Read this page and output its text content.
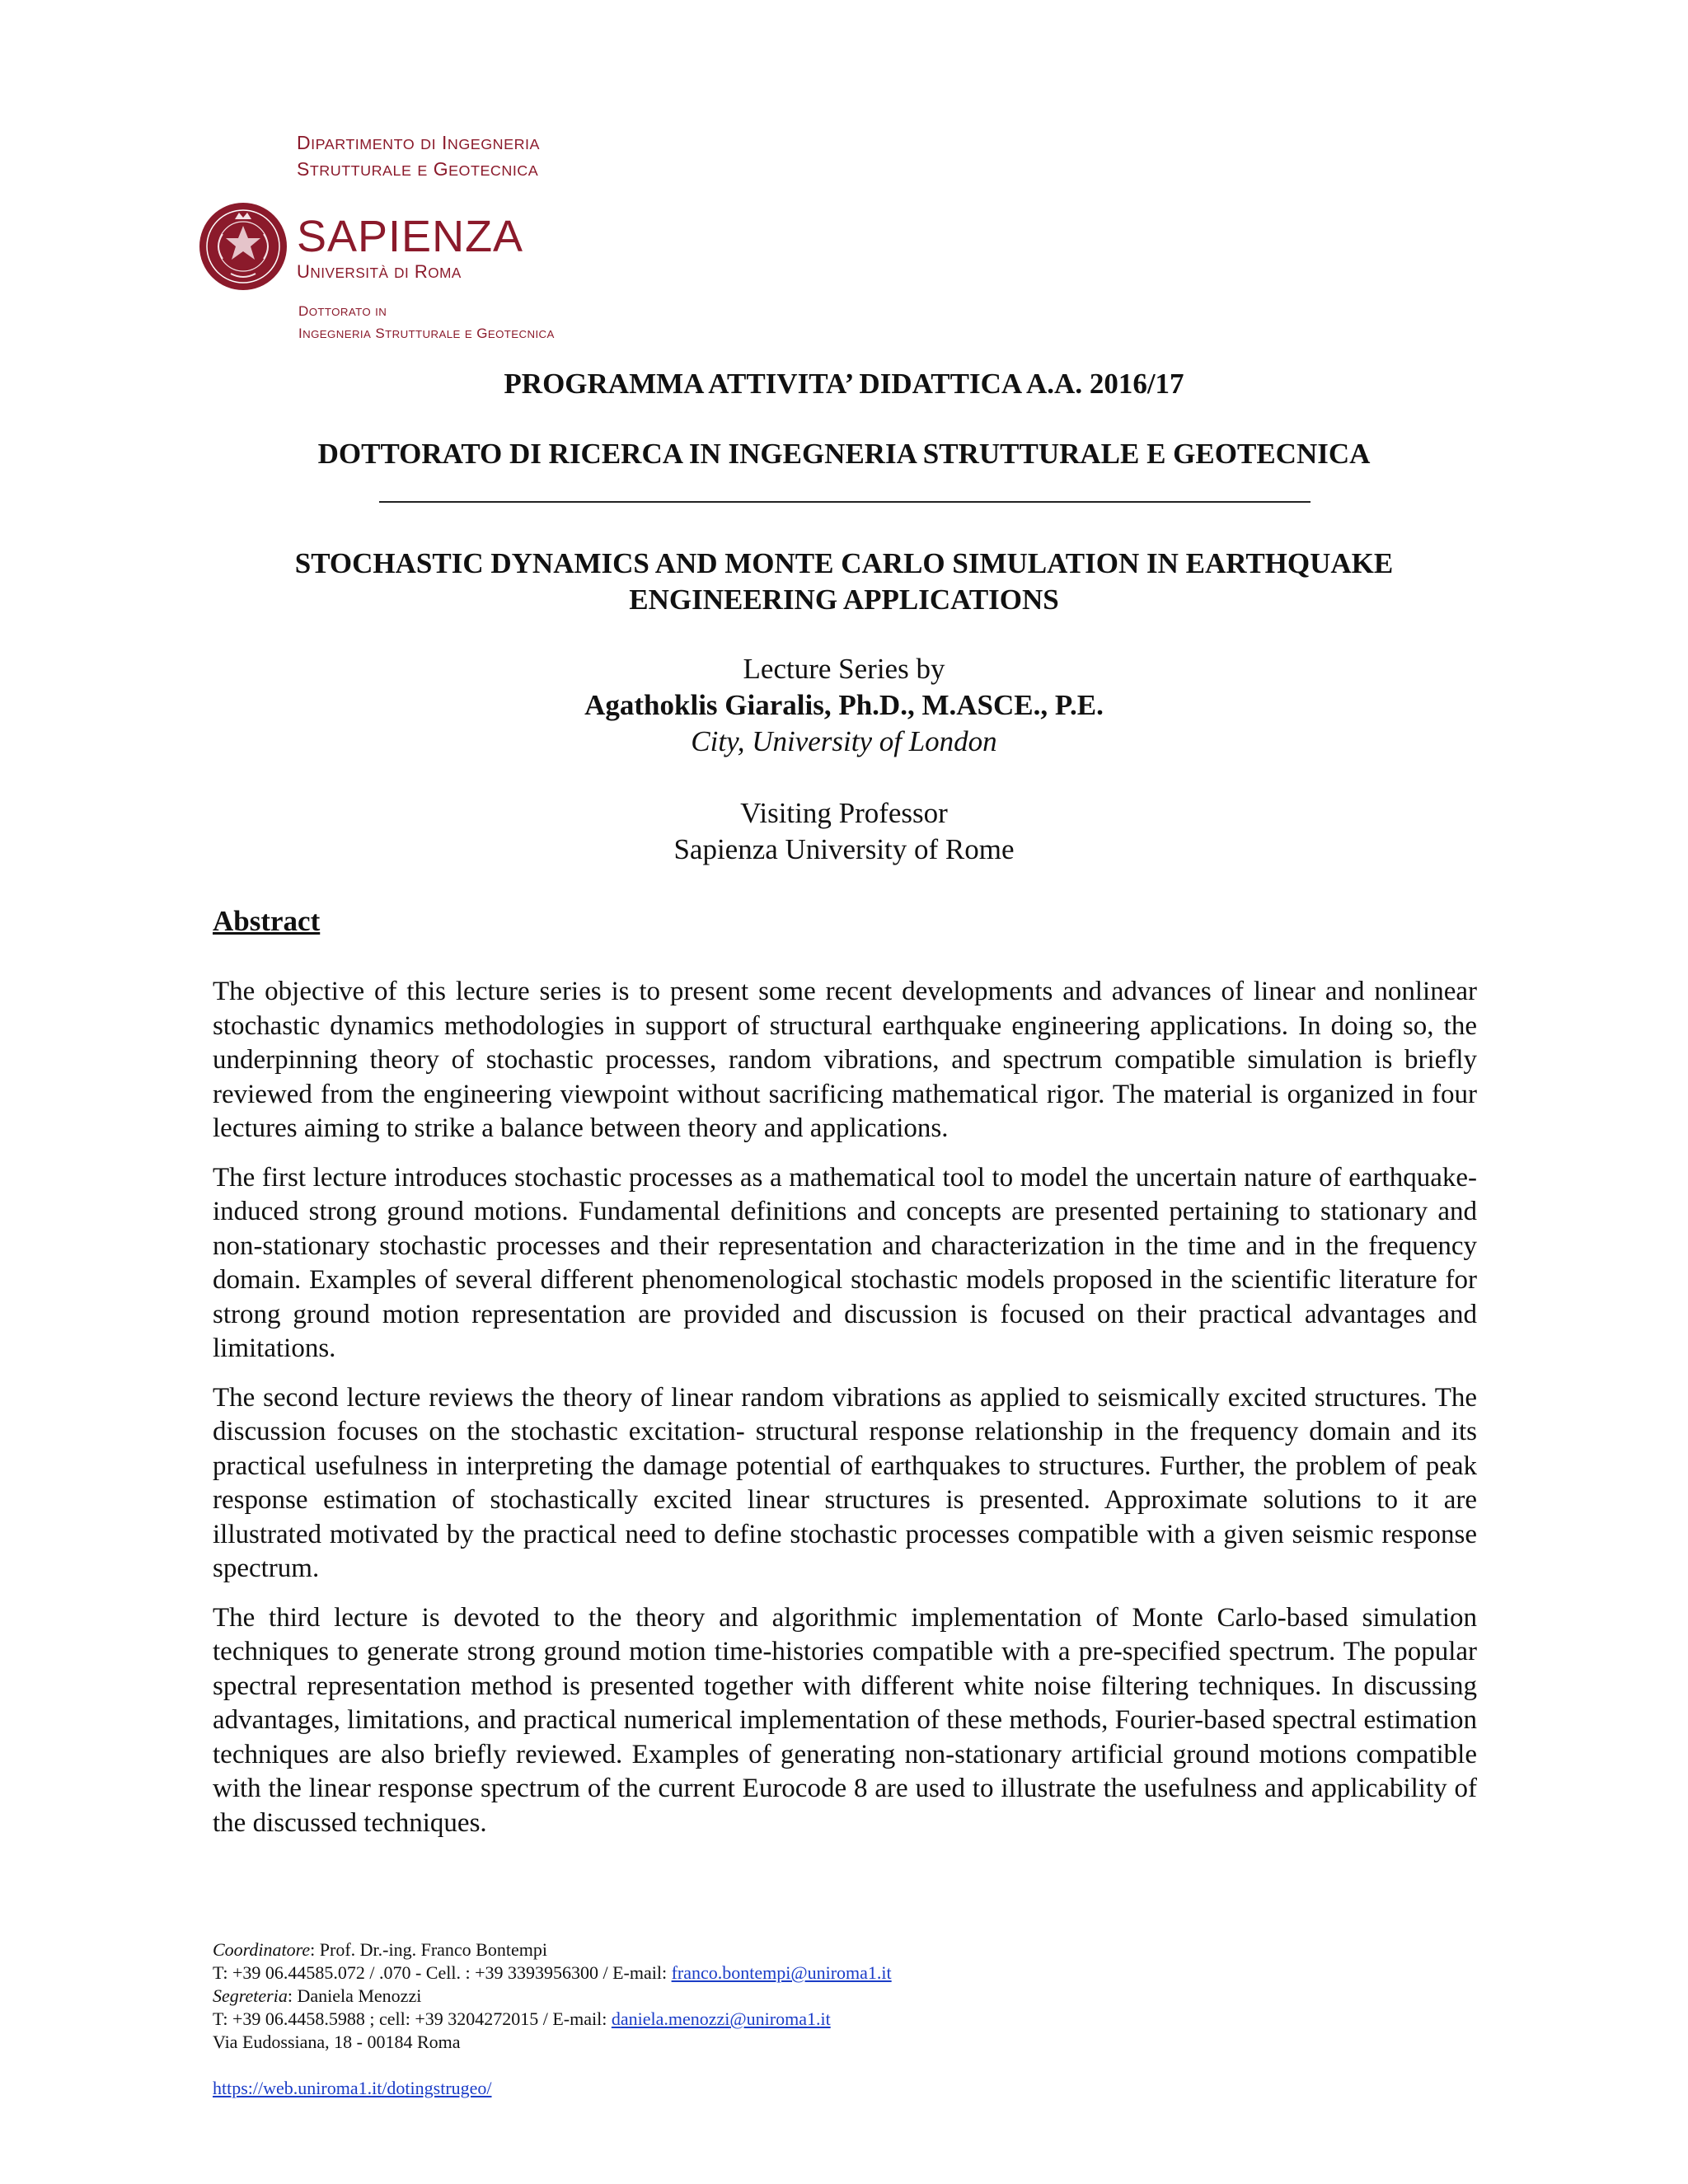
DIPARTIMENTO DI INGEGNERIA
STRUTTURALE E GEOTECNICA
SAPIENZA
UNIVERSITÀ DI ROMA
DOTTORATO IN
INGEGNERIA STRUTTURALE E GEOTECNICA
PROGRAMMA ATTIVITA’ DIDATTICA A.A. 2016/17
DOTTORATO DI RICERCA IN INGEGNERIA STRUTTURALE E GEOTECNICA
STOCHASTIC DYNAMICS AND MONTE CARLO SIMULATION IN EARTHQUAKE
ENGINEERING APPLICATIONS
Lecture Series by
Agathoklis Giaralis, Ph.D., M.ASCE., P.E.
City, University of London
Visiting Professor
Sapienza University of Rome
Abstract

The objective of this lecture series is to present some recent developments and advances of linear and nonlinear stochastic dynamics methodologies in support of structural earthquake engineering applications. In doing so, the underpinning theory of stochastic processes, random vibrations, and spectrum compatible simulation is briefly reviewed from the engineering viewpoint without sacrificing mathematical rigor. The material is organized in four lectures aiming to strike a balance between theory and applications.

The first lecture introduces stochastic processes as a mathematical tool to model the uncertain nature of earthquake-induced strong ground motions. Fundamental definitions and concepts are presented pertaining to stationary and non-stationary stochastic processes and their representation and characterization in the time and in the frequency domain. Examples of several different phenomenological stochastic models proposed in the scientific literature for strong ground motion representation are provided and discussion is focused on their practical advantages and limitations.

The second lecture reviews the theory of linear random vibrations as applied to seismically excited structures. The discussion focuses on the stochastic excitation- structural response relationship in the frequency domain and its practical usefulness in interpreting the damage potential of earthquakes to structures. Further, the problem of peak response estimation of stochastically excited linear structures is presented. Approximate solutions to it are illustrated motivated by the practical need to define stochastic processes compatible with a given seismic response spectrum.

The third lecture is devoted to the theory and algorithmic implementation of Monte Carlo-based simulation techniques to generate strong ground motion time-histories compatible with a pre-specified spectrum. The popular spectral representation method is presented together with different white noise filtering techniques. In discussing advantages, limitations, and practical numerical implementation of these methods, Fourier-based spectral estimation techniques are also briefly reviewed. Examples of generating non-stationary artificial ground motions compatible with the linear response spectrum of the current Eurocode 8 are used to illustrate the usefulness and applicability of the discussed techniques.

Coordinatore: Prof. Dr.-ing. Franco Bontempi
T: +39 06.44585.072 / .070 - Cell. : +39 3393956300 / E-mail: franco.bontempi@uniroma1.it
Segreteria: Daniela Menozzi
T: +39 06.4458.5988 ; cell: +39 3204272015 / E-mail: daniela.menozzi@uniroma1.it
Via Eudossiana, 18 - 00184 Roma
https://web.uniroma1.it/dotingstrugeo/
